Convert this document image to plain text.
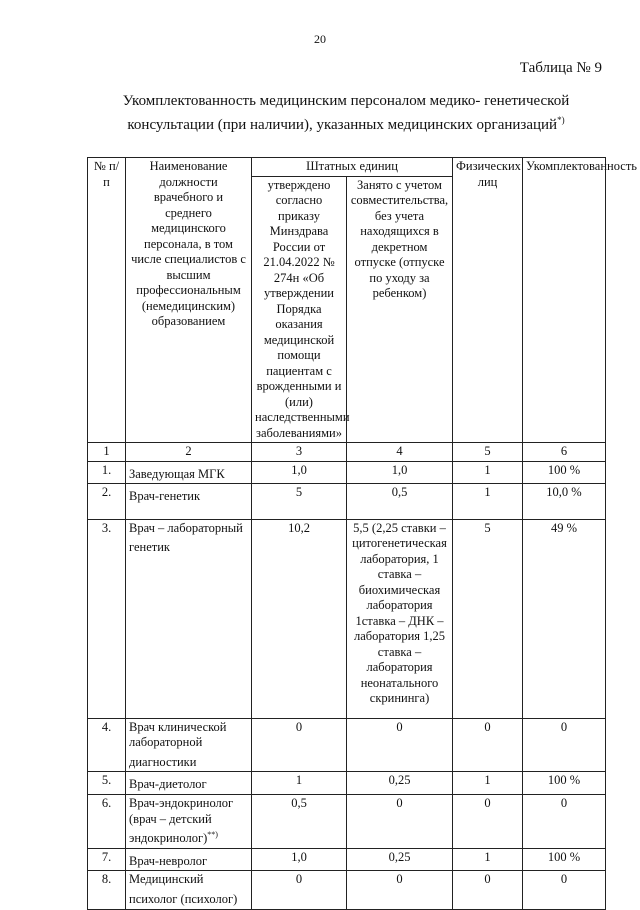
20
Таблица № 9
Укомплектованность медицинским персоналом медико- генетической консультации (при наличии), указанных медицинских организаций*)
№ п/п	Наименование должности врачебного и среднего медицинского персонала, в том числе специалистов с высшим профессиональным (немедицинским) образованием	Штатных единиц		Физических лиц	Укомплектованность
		утверждено согласно приказу Минздрава России от 21.04.2022 № 274н «Об утверждении Порядка оказания медицинской помощи пациентам с врожденными и (или) наследственными заболеваниями»	Занято с учетом совместительства, без учета находящихся в декретном отпуске (отпуске по уходу за ребенком)		
1	2	3	4	5	6
1.	Заведующая МГК	1,0	1,0	1	100 %
2.	Врач-генетик	5	0,5	1	10,0 %
3.	Врач – лабораторный генетик	10,2	5,5 (2,25 ставки – цитогенетическая лаборатория, 1 ставка – биохимическая лаборатория 1ставка – ДНК – лаборатория 1,25 ставка – лаборатория неонатального скрининга)	5	49 %
4.	Врач клинической лабораторной диагностики	0	0	0	0
5.	Врач-диетолог	1	0,25	1	100 %
6.	Врач-эндокринолог (врач – детский эндокринолог)**)	0,5	0	0	0
7.	Врач-невролог	1,0	0,25	1	100 %
8.	Медицинский психолог (психолог)	0	0	0	0
